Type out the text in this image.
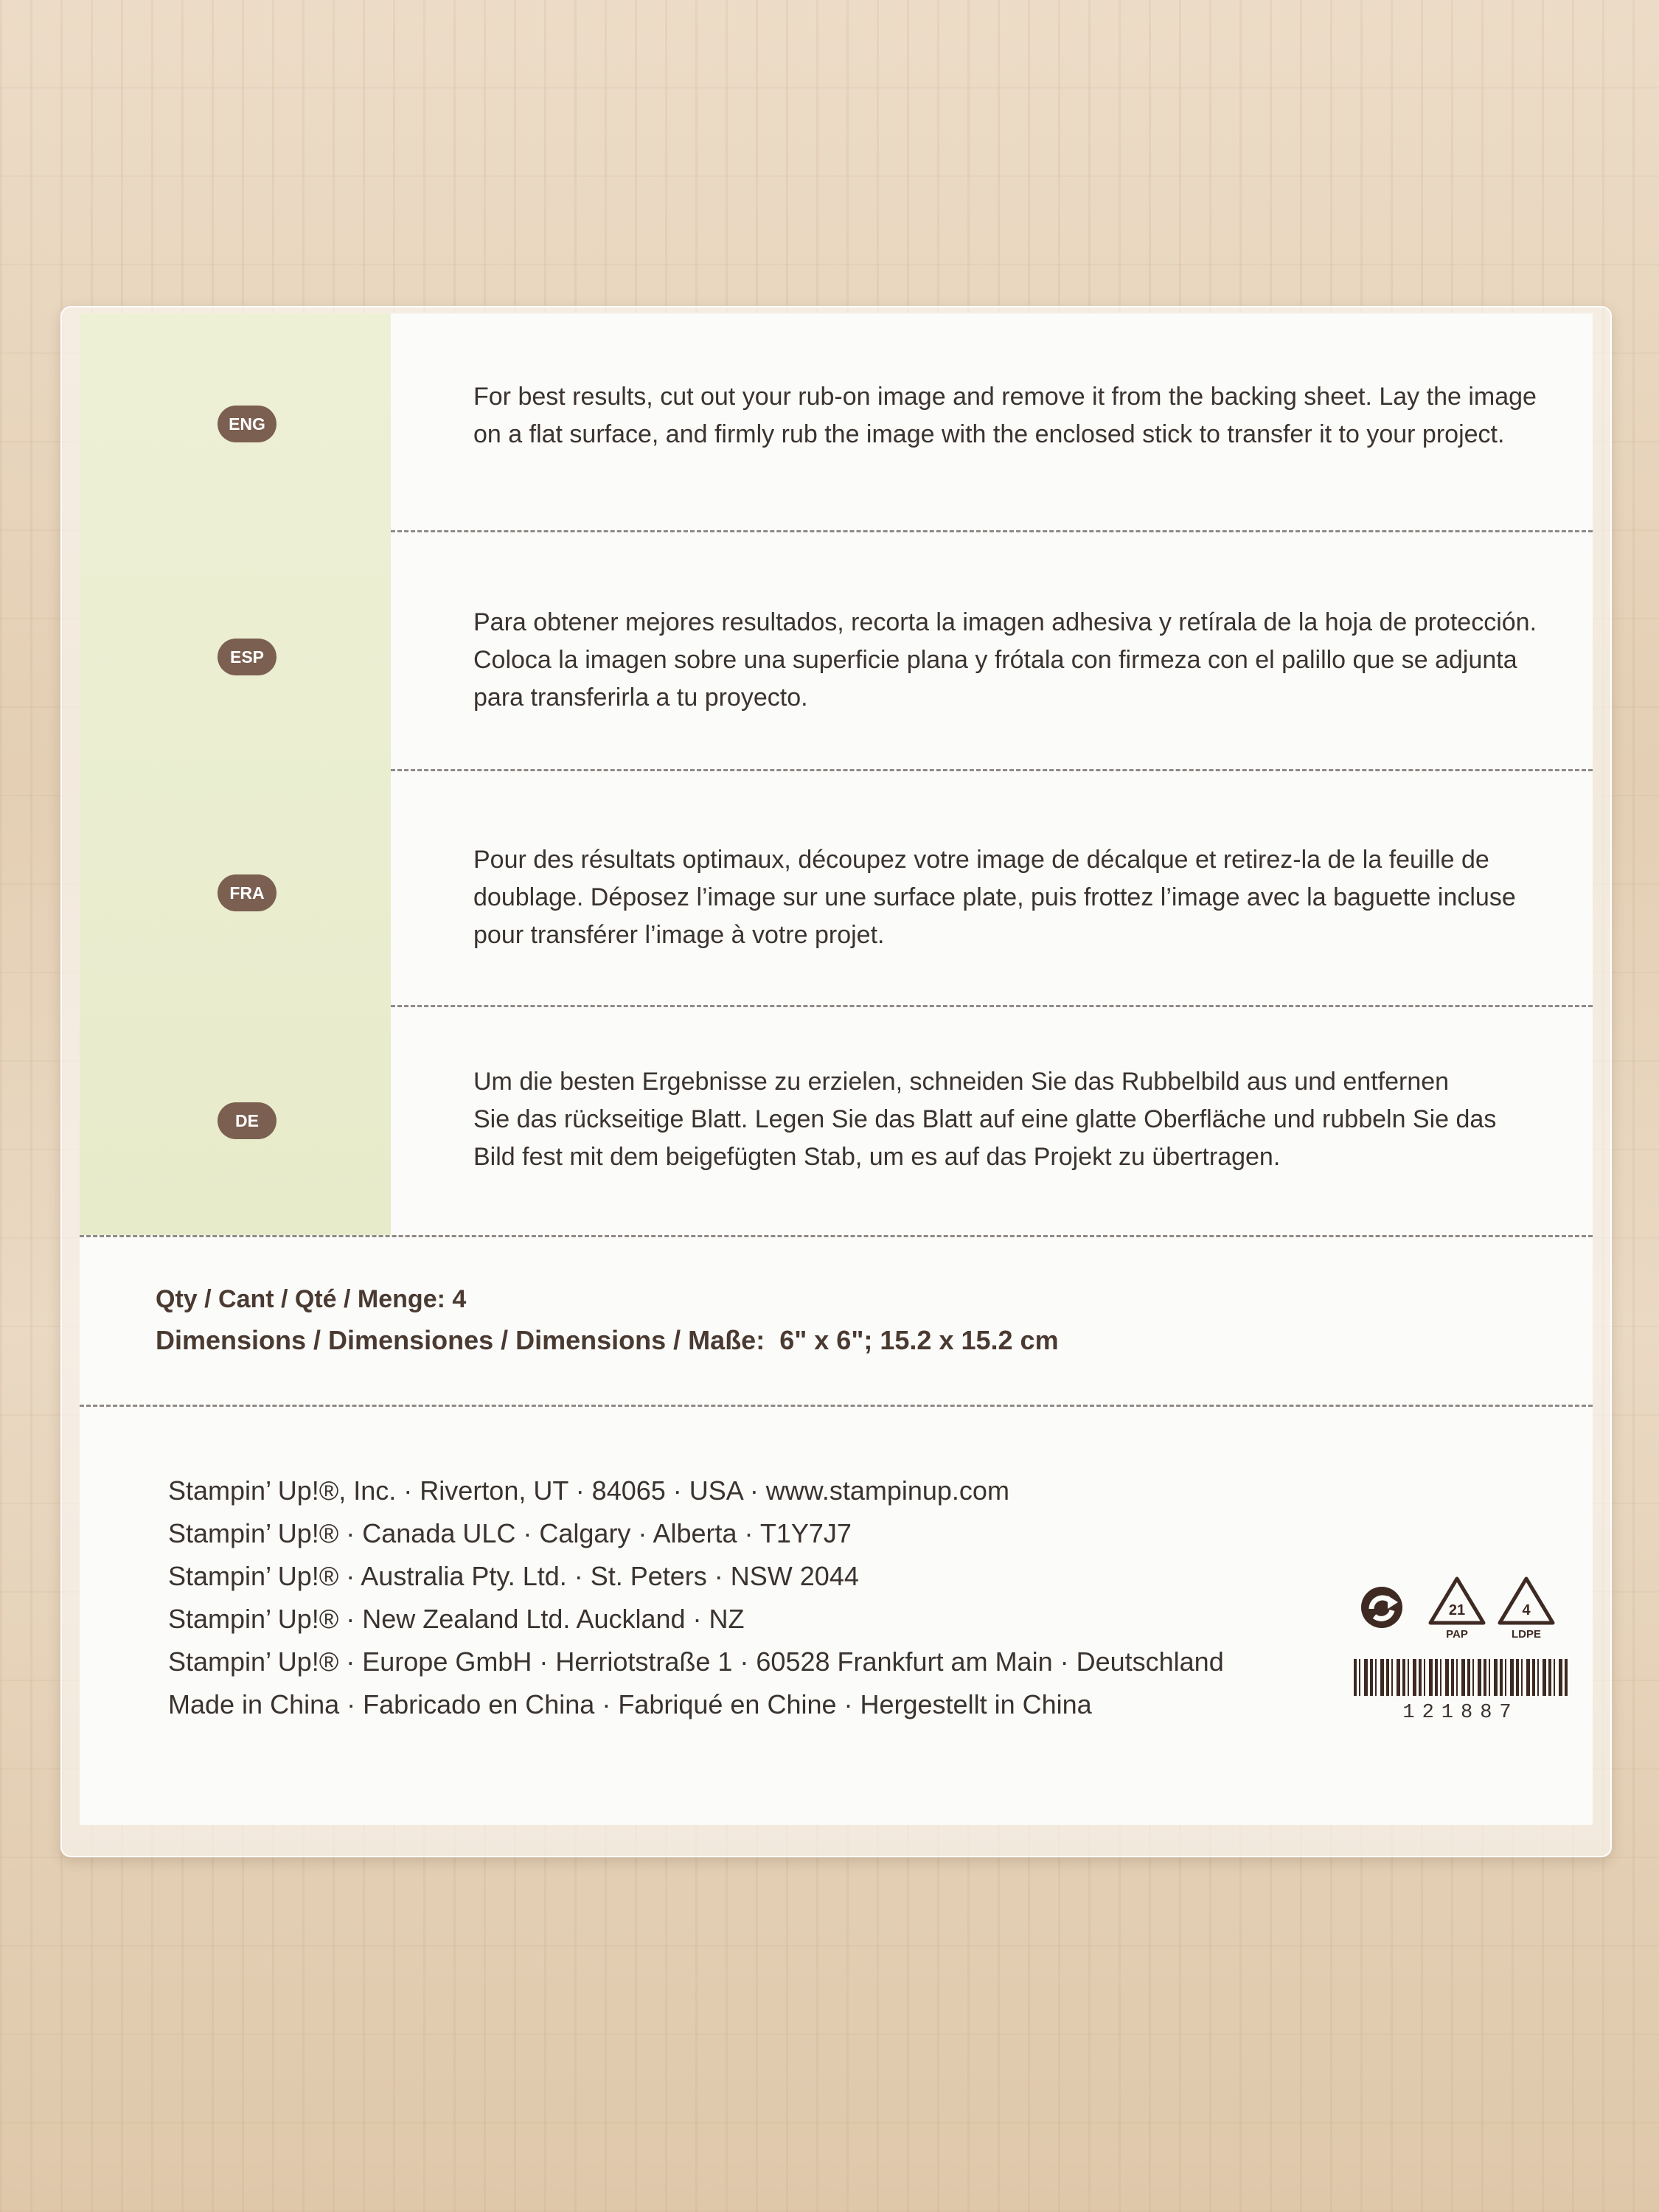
ENG
For best results, cut out your rub-on image and remove it from the backing sheet. Lay the image
on a flat surface, and firmly rub the image with the enclosed stick to transfer it to your project.
ESP
Para obtener mejores resultados, recorta la imagen adhesiva y retírala de la hoja de protección.
Coloca la imagen sobre una superficie plana y frótala con firmeza con el palillo que se adjunta
para transferirla a tu proyecto.
FRA
Pour des résultats optimaux, découpez votre image de décalque et retirez-la de la feuille de
doublage. Déposez l’image sur une surface plate, puis frottez l’image avec la baguette incluse
pour transférer l’image à votre projet.
DE
Um die besten Ergebnisse zu erzielen, schneiden Sie das Rubbelbild aus und entfernen
Sie das rückseitige Blatt. Legen Sie das Blatt auf eine glatte Oberfläche und rubbeln Sie das
Bild fest mit dem beigefügten Stab, um es auf das Projekt zu übertragen.
Qty / Cant / Qté / Menge: 4
Dimensions / Dimensiones / Dimensions / Maße:  6" x 6"; 15.2 x 15.2 cm
Stampin’ Up!®, Inc. · Riverton, UT · 84065 · USA · www.stampinup.com
Stampin’ Up!® · Canada ULC · Calgary · Alberta · T1Y7J7
Stampin’ Up!® · Australia Pty. Ltd. · St. Peters · NSW 2044
Stampin’ Up!® · New Zealand Ltd. Auckland · NZ
Stampin’ Up!® · Europe GmbH · Herriotstraße 1 · 60528 Frankfurt am Main · Deutschland
Made in China · Fabricado en China · Fabriqué en Chine · Hergestellt in China
21
PAP
4
LDPE
121887
